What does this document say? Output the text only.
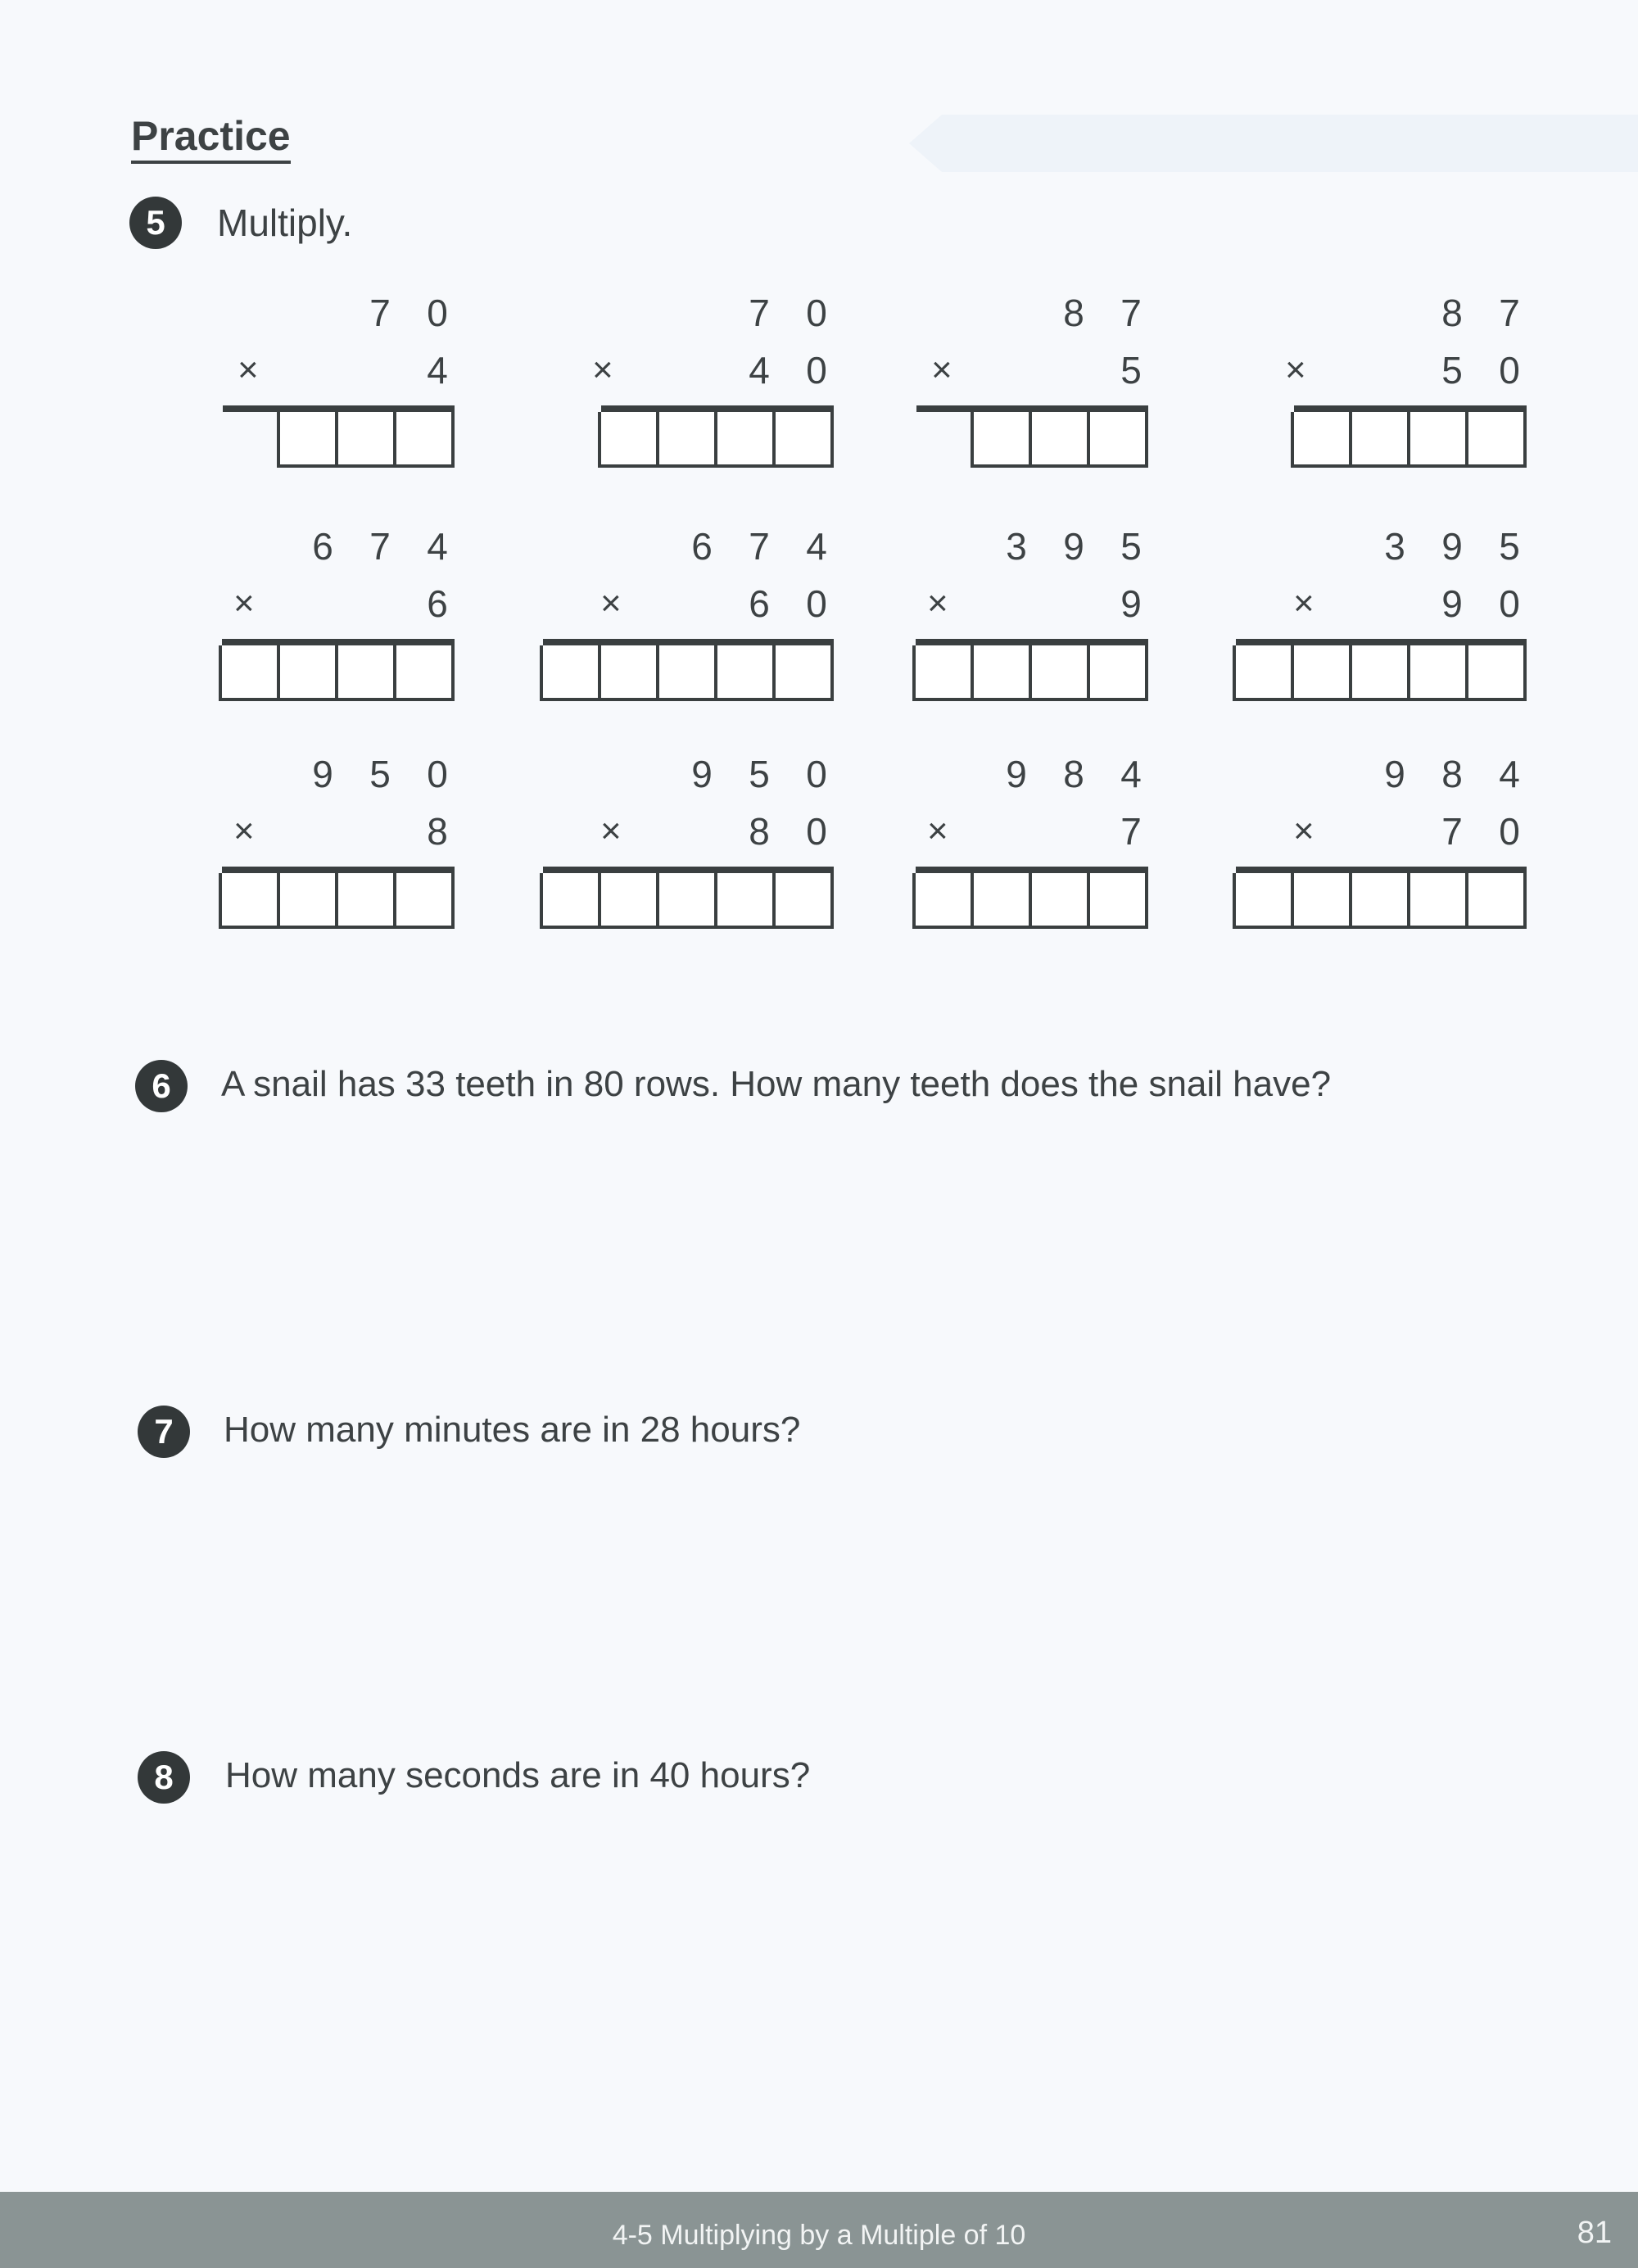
Practice
5	Multiply.
0
7
4
×
0
7
0
4
×
7
8
5
×
7
8
0
5
×
4
7
6
6
×
4
7
6
0
6
×
5
9
3
9
×
5
9
3
0
9
×
0
5
9
8
×
0
5
9
0
8
×
4
8
9
7
×
4
8
9
0
7
×
6	A snail has 33 teeth in 80 rows. How many teeth does the snail have?
7	How many minutes are in 28 hours?
8	How many seconds are in 40 hours?
4-5 Multiplying by a Multiple of 10	81
